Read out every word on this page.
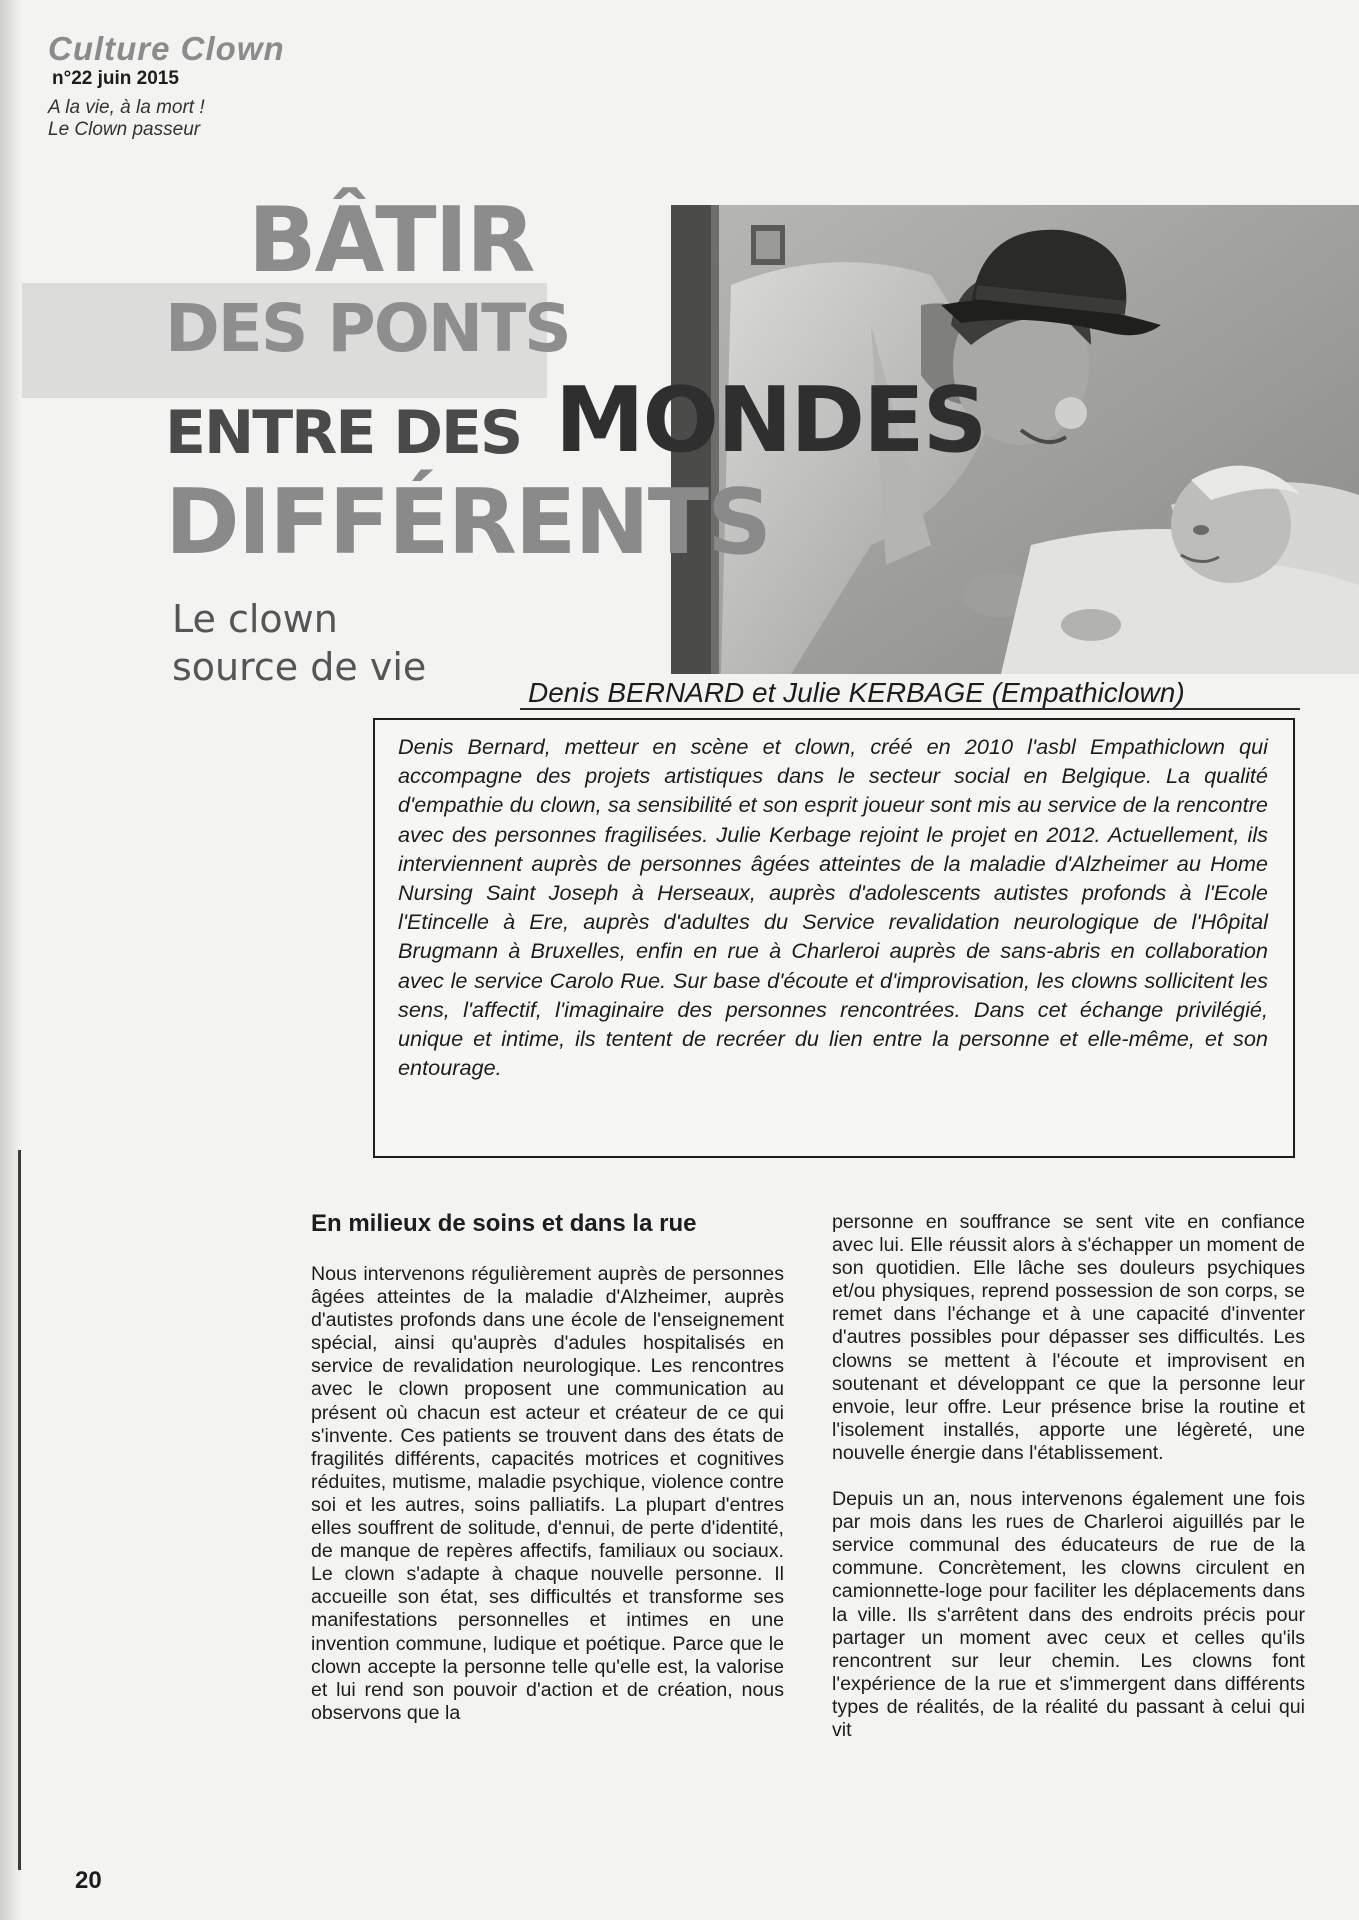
Culture Clown
n°22 juin 2015
A la vie, à la mort !
Le Clown passeur
BÂTIR
DES PONTS
ENTRE DES MONDES
DIFFÉRENTS
Le clown
source de vie
Denis BERNARD et Julie KERBAGE (Empathiclown)

Denis Bernard, metteur en scène et clown, créé en 2010 l'asbl Empathiclown qui accompagne des projets artistiques dans le secteur social en Belgique. La qualité d'empathie du clown, sa sensibilité et son esprit joueur sont mis au service de la rencontre avec des personnes fragilisées. Julie Kerbage rejoint le projet en 2012. Actuellement, ils interviennent auprès de personnes âgées atteintes de la maladie d'Alzheimer au Home Nursing Saint Joseph à Herseaux, auprès d'adolescents autistes profonds à l'Ecole l'Etincelle à Ere, auprès d'adultes du Service revalidation neurologique de l'Hôpital Brugmann à Bruxelles, enfin en rue à Charleroi auprès de sans-abris en collaboration avec le service Carolo Rue. Sur base d'écoute et d'improvisation, les clowns sollicitent les sens, l'affectif, l'imaginaire des personnes rencontrées. Dans cet échange privilégié, unique et intime, ils tentent de recréer du lien entre la personne et elle-même, et son entourage.

En milieux de soins et dans la rue

Nous intervenons régulièrement auprès de personnes âgées atteintes de la maladie d'Alzheimer, auprès d'autistes profonds dans une école de l'enseignement spécial, ainsi qu'auprès d'adules hospitalisés en service de revalidation neurologique. Les rencontres avec le clown proposent une communication au présent où chacun est acteur et créateur de ce qui s'invente. Ces patients se trouvent dans des états de fragilités différents, capacités motrices et cognitives réduites, mutisme, maladie psychique, violence contre soi et les autres, soins palliatifs. La plupart d'entres elles souffrent de solitude, d'ennui, de perte d'identité, de manque de repères affectifs, familiaux ou sociaux. Le clown s'adapte à chaque nouvelle personne. Il accueille son état, ses difficultés et transforme ses manifestations personnelles et intimes en une invention commune, ludique et poétique. Parce que le clown accepte la personne telle qu'elle est, la valorise et lui rend son pouvoir d'action et de création, nous observons que la

personne en souffrance se sent vite en confiance avec lui. Elle réussit alors à s'échapper un moment de son quotidien. Elle lâche ses douleurs psychiques et/ou physiques, reprend possession de son corps, se remet dans l'échange et à une capacité d'inventer d'autres possibles pour dépasser ses difficultés. Les clowns se mettent à l'écoute et improvisent en soutenant et développant ce que la personne leur envoie, leur offre. Leur présence brise la routine et l'isolement installés, apporte une légèreté, une nouvelle énergie dans l'établissement.

Depuis un an, nous intervenons également une fois par mois dans les rues de Charleroi aiguillés par le service communal des éducateurs de rue de la commune. Concrètement, les clowns circulent en camionnette-loge pour faciliter les déplacements dans la ville. Ils s'arrêtent dans des endroits précis pour partager un moment avec ceux et celles qu'ils rencontrent sur leur chemin. Les clowns font l'expérience de la rue et s'immergent dans différents types de réalités, de la réalité du passant à celui qui vit

20
